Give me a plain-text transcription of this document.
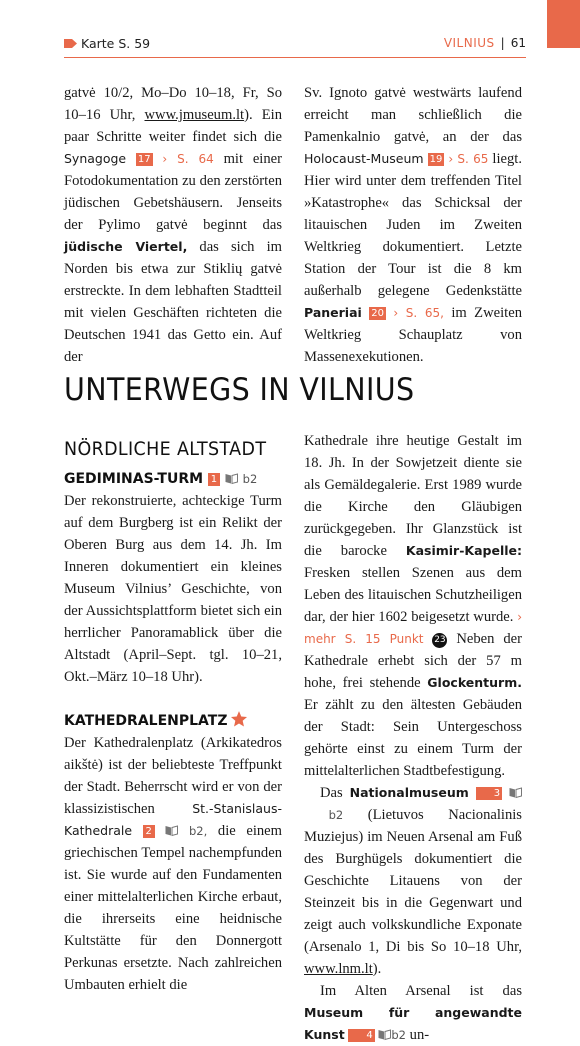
Karte S. 59	VILNIUS | 61

gatvė 10/2, Mo–Do 10–18, Fr, So 10–16 Uhr, www.jmuseum.lt). Ein paar Schritte weiter findet sich die Synagoge 17 › S. 64 mit einer Fotodokumentation zu den zerstörten jüdischen Gebetshäusern. Jenseits der Pylimo gatvė beginnt das jüdische Viertel, das sich im Norden bis etwa zur Stiklių gatvė erstreckte. In dem lebhaften Stadtteil mit vielen Geschäften richteten die Deutschen 1941 das Getto ein. Auf der

Sv. Ignoto gatvė westwärts laufend erreicht man schließlich die Pamenkalnio gatvė, an der das Holocaust-Museum 19 › S. 65 liegt. Hier wird unter dem treffenden Titel »Katastrophe« das Schicksal der litauischen Juden im Zweiten Weltkrieg dokumentiert. Letzte Station der Tour ist die 8 km außerhalb gelegene Gedenkstätte Paneriai 20 › S. 65, im Zweiten Weltkrieg Schauplatz von Massenexekutionen.

UNTERWEGS IN VILNIUS
NÖRDLICHE ALTSTADT
GEDIMINAS-TURM 1 b2

Der rekonstruierte, achteckige Turm auf dem Burgberg ist ein Relikt der Oberen Burg aus dem 14. Jh. Im Inneren dokumentiert ein kleines Museum Vilnius’ Geschichte, von der Aussichtsplattform bietet sich ein herrlicher Panoramablick über die Altstadt (April–Sept. tgl. 10–21, Okt.–März 10–18 Uhr).

KATHEDRALENPLATZ

Der Kathedralenplatz (Arkikatedros aikštė) ist der beliebteste Treffpunkt der Stadt. Beherrscht wird er von der klassizistischen St.-Stanislaus-Kathedrale 2	b2, die einem griechischen Tempel nachempfunden ist. Sie wurde auf den Fundamenten einer mittelalterlichen Kirche erbaut, die ihrerseits eine heidnische Kultstätte für den Donnergott Perkunas ersetzte. Nach zahlreichen Umbauten erhielt die

Kathedrale ihre heutige Gestalt im 18. Jh. In der Sowjetzeit diente sie als Gemäldegalerie. Erst 1989 wurde die Kirche den Gläubigen zurückgegeben. Ihr Glanzstück ist die barocke Kasimir-Kapelle: Fresken stellen Szenen aus dem Leben des litauischen Schutzheiligen dar, der hier 1602 beigesetzt wurde. › mehr S. 15 Punkt 23 Neben der Kathedrale erhebt sich der 57 m hohe, frei stehende Glockenturm. Er zählt zu den ältesten Gebäuden der Stadt: Sein Untergeschoss gehörte einst zu einem Turm der mittelalterlichen Stadtbefestigung.

Das Nationalmuseum 3  b2 (Lietuvos Nacionalinis Muziejus) im Neuen Arsenal am Fuß des Burghügels dokumentiert die Geschichte Litauens von der Steinzeit bis in die Gegenwart und zeigt auch volkskundliche Exponate (Arsenalo 1, Di bis So 10–18 Uhr, www.lnm.lt).

Im Alten Arsenal ist das Museum für angewandte Kunst 4 b2 un-
